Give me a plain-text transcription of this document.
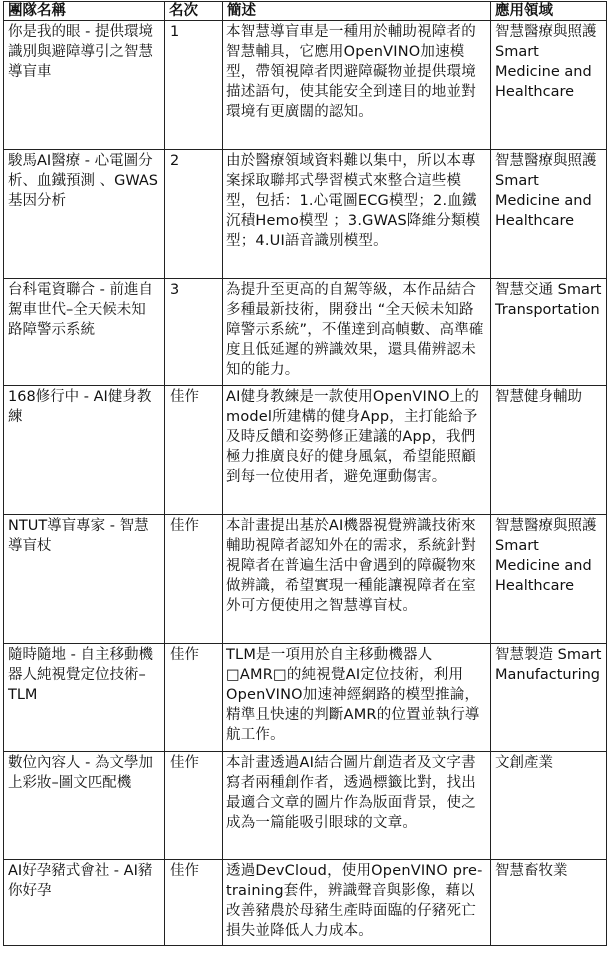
團隊名稱	名次	簡述	應用領域
你是我的眼 - 提供環境識別與避障導引之智慧導盲車	1	本智慧導盲車是一種用於輔助視障者的智慧輔具，它應用OpenVINO加速模型，帶領視障者閃避障礙物並提供環境描述語句，使其能安全到達目的地並對環境有更廣闊的認知。	智慧醫療與照護 Smart Medicine and Healthcare
駿馬AI醫療 - 心電圖分析、血鐵預測 、GWAS基因分析	2	由於醫療領域資料難以集中，所以本專案採取聯邦式學習模式來整合這些模型，包括：1.心電圖ECG模型；2.血鐵沉積Hemo模型 ；3.GWAS降維分類模型；4.UI語音識別模型。	智慧醫療與照護 Smart Medicine and Healthcare
台科電資聯合 - 前進自駕車世代–全天候未知路障警示系統	3	為提升至更高的自駕等級，本作品結合多種最新技術，開發出 “全天候未知路障警示系統”，不僅達到高幀數、高準確度且低延遲的辨識效果，還具備辨認未知的能力。	智慧交通 Smart Transportation
168修行中 - AI健身教練	佳作	AI健身教練是一款使用OpenVINO上的model所建構的健身App，主打能給予及時反饋和姿勢修正建議的App，我們極力推廣良好的健身風氣，希望能照顧到每一位使用者，避免運動傷害。	智慧健身輔助
NTUT導盲專家 - 智慧導盲杖	佳作	本計畫提出基於AI機器視覺辨識技術來輔助視障者認知外在的需求，系統針對視障者在普遍生活中會遇到的障礙物來做辨識，希望實現一種能讓視障者在室外可方便使用之智慧導盲杖。	智慧醫療與照護 Smart Medicine and Healthcare
隨時隨地 - 自主移動機器人純視覺定位技術–TLM	佳作	TLM是一項用於自主移動機器人□AMR□的純視覺AI定位技術，利用OpenVINO加速神經網路的模型推論，精準且快速的判斷AMR的位置並執行導航工作。	智慧製造 Smart Manufacturing
數位內容人 - 為文學加上彩妝–圖文匹配機	佳作	本計畫透過AI結合圖片創造者及文字書寫者兩種創作者，透過標籤比對，找出最適合文章的圖片作為版面背景，使之成為一篇能吸引眼球的文章。	文創產業
AI好孕豬式會社 - AI豬你好孕	佳作	透過DevCloud，使用OpenVINO pre-training套件，辨識聲音與影像，藉以改善豬農於母豬生產時面臨的仔豬死亡損失並降低人力成本。	智慧畜牧業
